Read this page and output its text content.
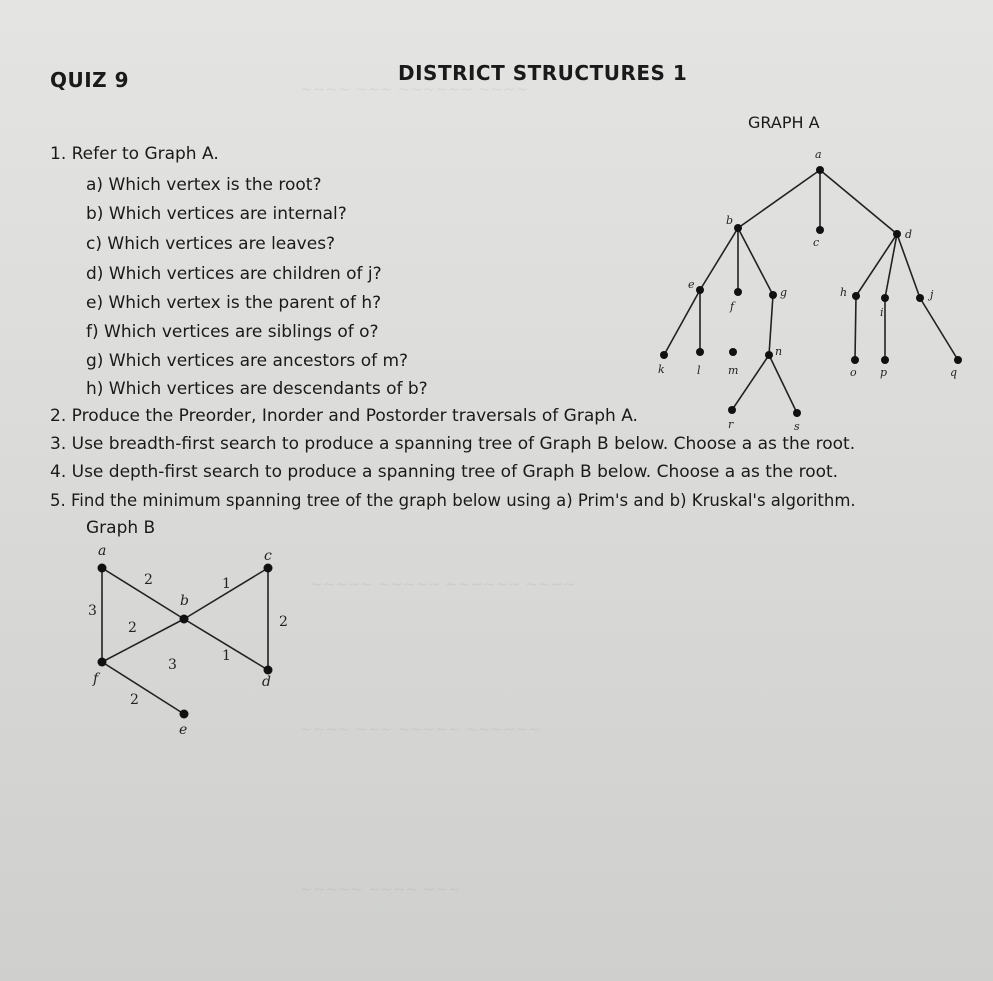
~~~~ ~~~ ~~~~~~ ~~~~
~~~~~ ~~~~~ ~~~~~~ ~~~~
~~~~ ~~~ ~~~~~ ~~~~~~
~~~~~ ~~~~ ~~~
QUIZ 9	DISTRICT STRUCTURES 1
1. Refer to Graph A.
a) Which vertex is the root?
b) Which vertices are internal?
c) Which vertices are leaves?
d) Which vertices are children of j?
e) Which vertex is the parent of h?
f) Which vertices are siblings of o?
g) Which vertices are ancestors of m?
h) Which vertices are descendants of b?
2. Produce the Preorder, Inorder and Postorder traversals of Graph A.
3. Use breadth-first search to produce a spanning tree of Graph B below. Choose a as the root.
4. Use depth-first search to produce a spanning tree of Graph B below. Choose a as the root.
5. Find the minimum spanning tree of the graph below using a) Prim's and b) Kruskal's algorithm.
Graph B
GRAPH A
a
b
c
d
e
f
g	h
i
j
k	l m
n
o p	q
r	s
a
b
c
d
e
f
2
3
1
2
2
3
1
2
